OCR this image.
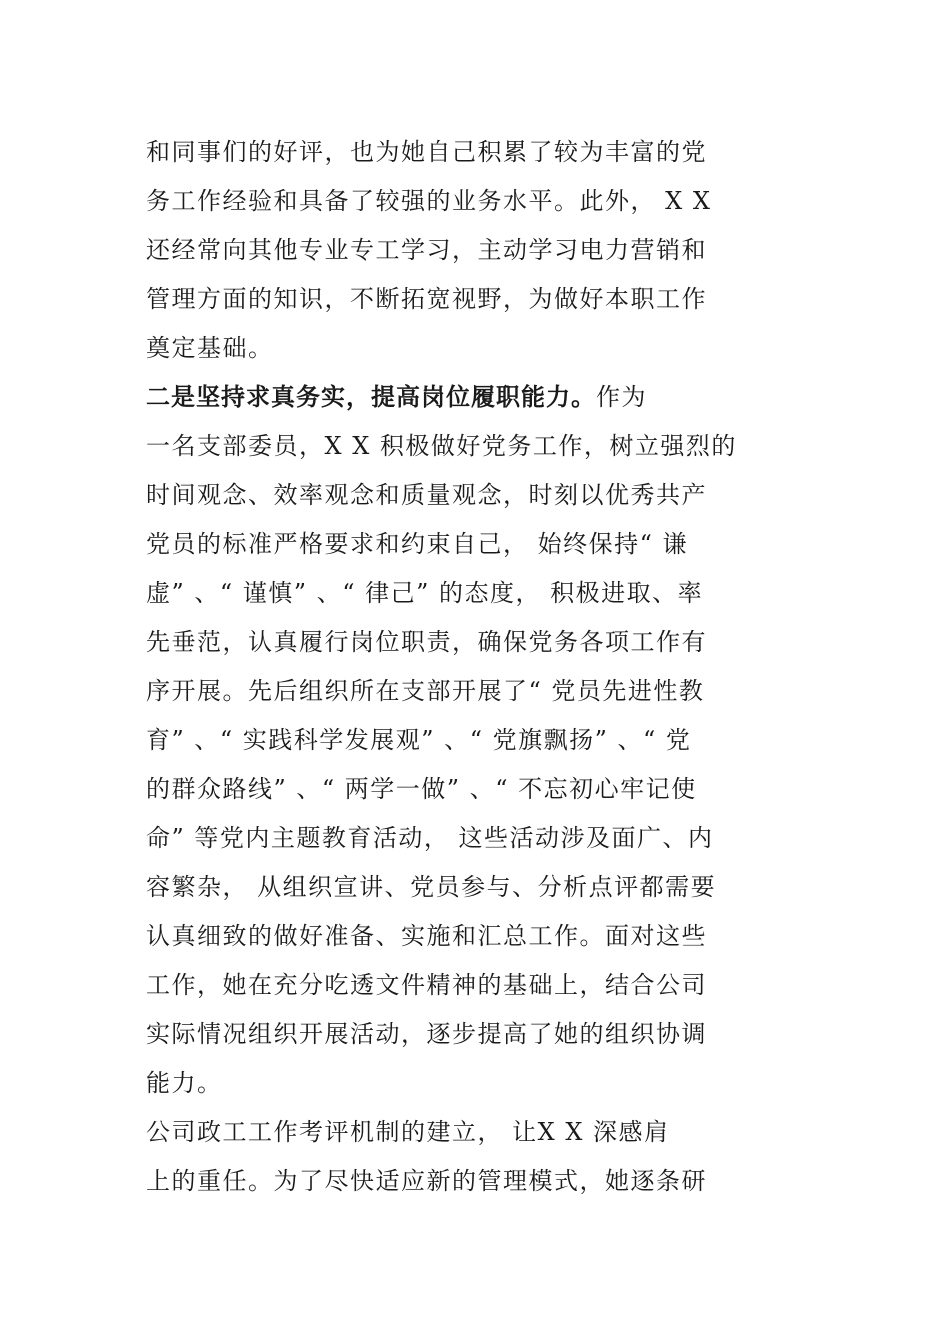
和同事们的好评，也为她自己积累了较为丰富的党
务工作经验和具备了较强的业务水平。此外， X X
还经常向其他专业专工学习，主动学习电力营销和
管理方面的知识，不断拓宽视野，为做好本职工作
奠定基础。
二是坚持求真务实，提高岗位履职能力。作为
一名支部委员，X X 积极做好党务工作，树立强烈的
时间观念、效率观念和质量观念，时刻以优秀共产
党员的标准严格要求和约束自己， 始终保持“ 谦
虚” 、“ 谨慎” 、“ 律己” 的态度， 积极进取、率
先垂范，认真履行岗位职责，确保党务各项工作有
序开展。先后组织所在支部开展了“ 党员先进性教
育” 、“ 实践科学发展观” 、“ 党旗飘扬” 、“ 党
的群众路线” 、“ 两学一做” 、“ 不忘初心牢记使
命” 等党内主题教育活动， 这些活动涉及面广、内
容繁杂， 从组织宣讲、党员参与、分析点评都需要
认真细致的做好准备、实施和汇总工作。面对这些
工作，她在充分吃透文件精神的基础上，结合公司
实际情况组织开展活动，逐步提高了她的组织协调
能力。
公司政工工作考评机制的建立， 让X X 深感肩
上的重任。为了尽快适应新的管理模式，她逐条研
